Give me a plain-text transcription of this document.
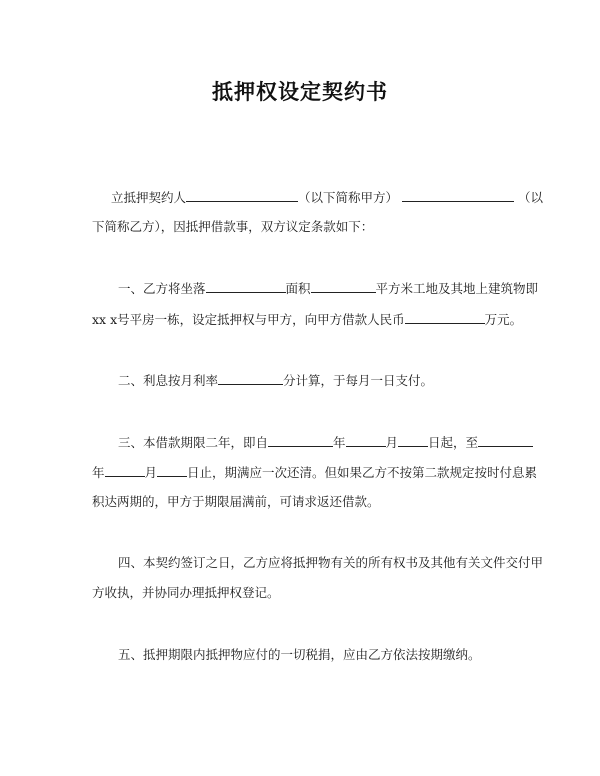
抵押权设定契约书
立抵押契约人	（以下简称甲方）	（以
下简称乙方），因抵押借款事，双方议定条款如下：
一、乙方将坐落	面积	平方米工地及其地上建筑物即
xx x号平房一栋，设定抵押权与甲方，向甲方借款人民币	万元。
二、利息按月利率	分计算，于每月一日支付。
三、本借款期限二年，即自	年	月 日起，至
年	月 日止，期满应一次还清。但如果乙方不按第二款规定按时付息累
积达两期的，甲方于期限届满前，可请求返还借款。
四、本契约签订之日，乙方应将抵押物有关的所有权书及其他有关文件交付甲
方收执，并协同办理抵押权登记。
五、抵押期限内抵押物应付的一切税捐，应由乙方依法按期缴纳。
